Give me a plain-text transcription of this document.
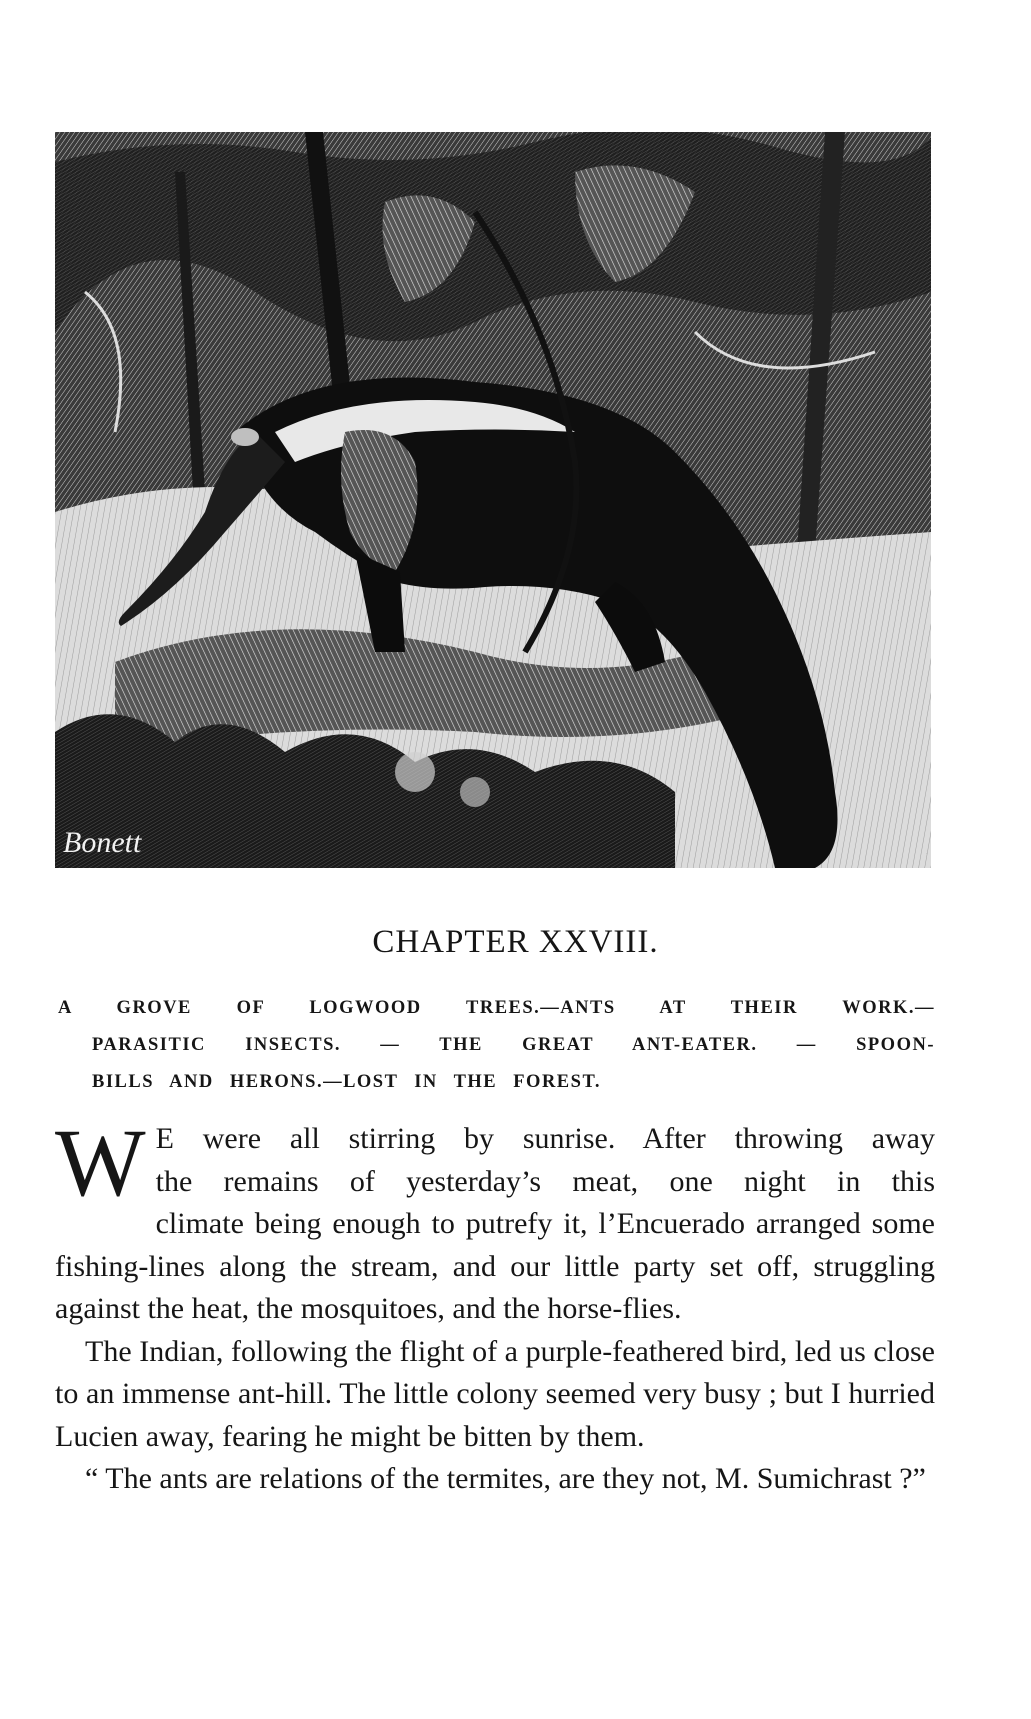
Bonett
CHAPTER XXVIII.
A GROVE OF LOGWOOD TREES.—ANTS AT THEIR WORK.—
PARASITIC INSECTS. — THE GREAT ANT-EATER. — SPOON-
BILLS AND HERONS.—LOST IN THE FOREST.

W E were all stirring by sunrise. After throwing away
the remains of yesterday’s meat, one night in this
climate being enough to putrefy it, l’Encuerado arranged some fishing-lines along the stream, and our little party set off, struggling against the heat, the mosquitoes, and the horse-flies.

The Indian, following the flight of a purple-feathered bird, led us close to an immense ant-hill. The little colony seemed very busy ; but I hurried Lucien away, fearing he might be bitten by them.

“ The ants are relations of the termites, are they not, M. Sumichrast ?”
